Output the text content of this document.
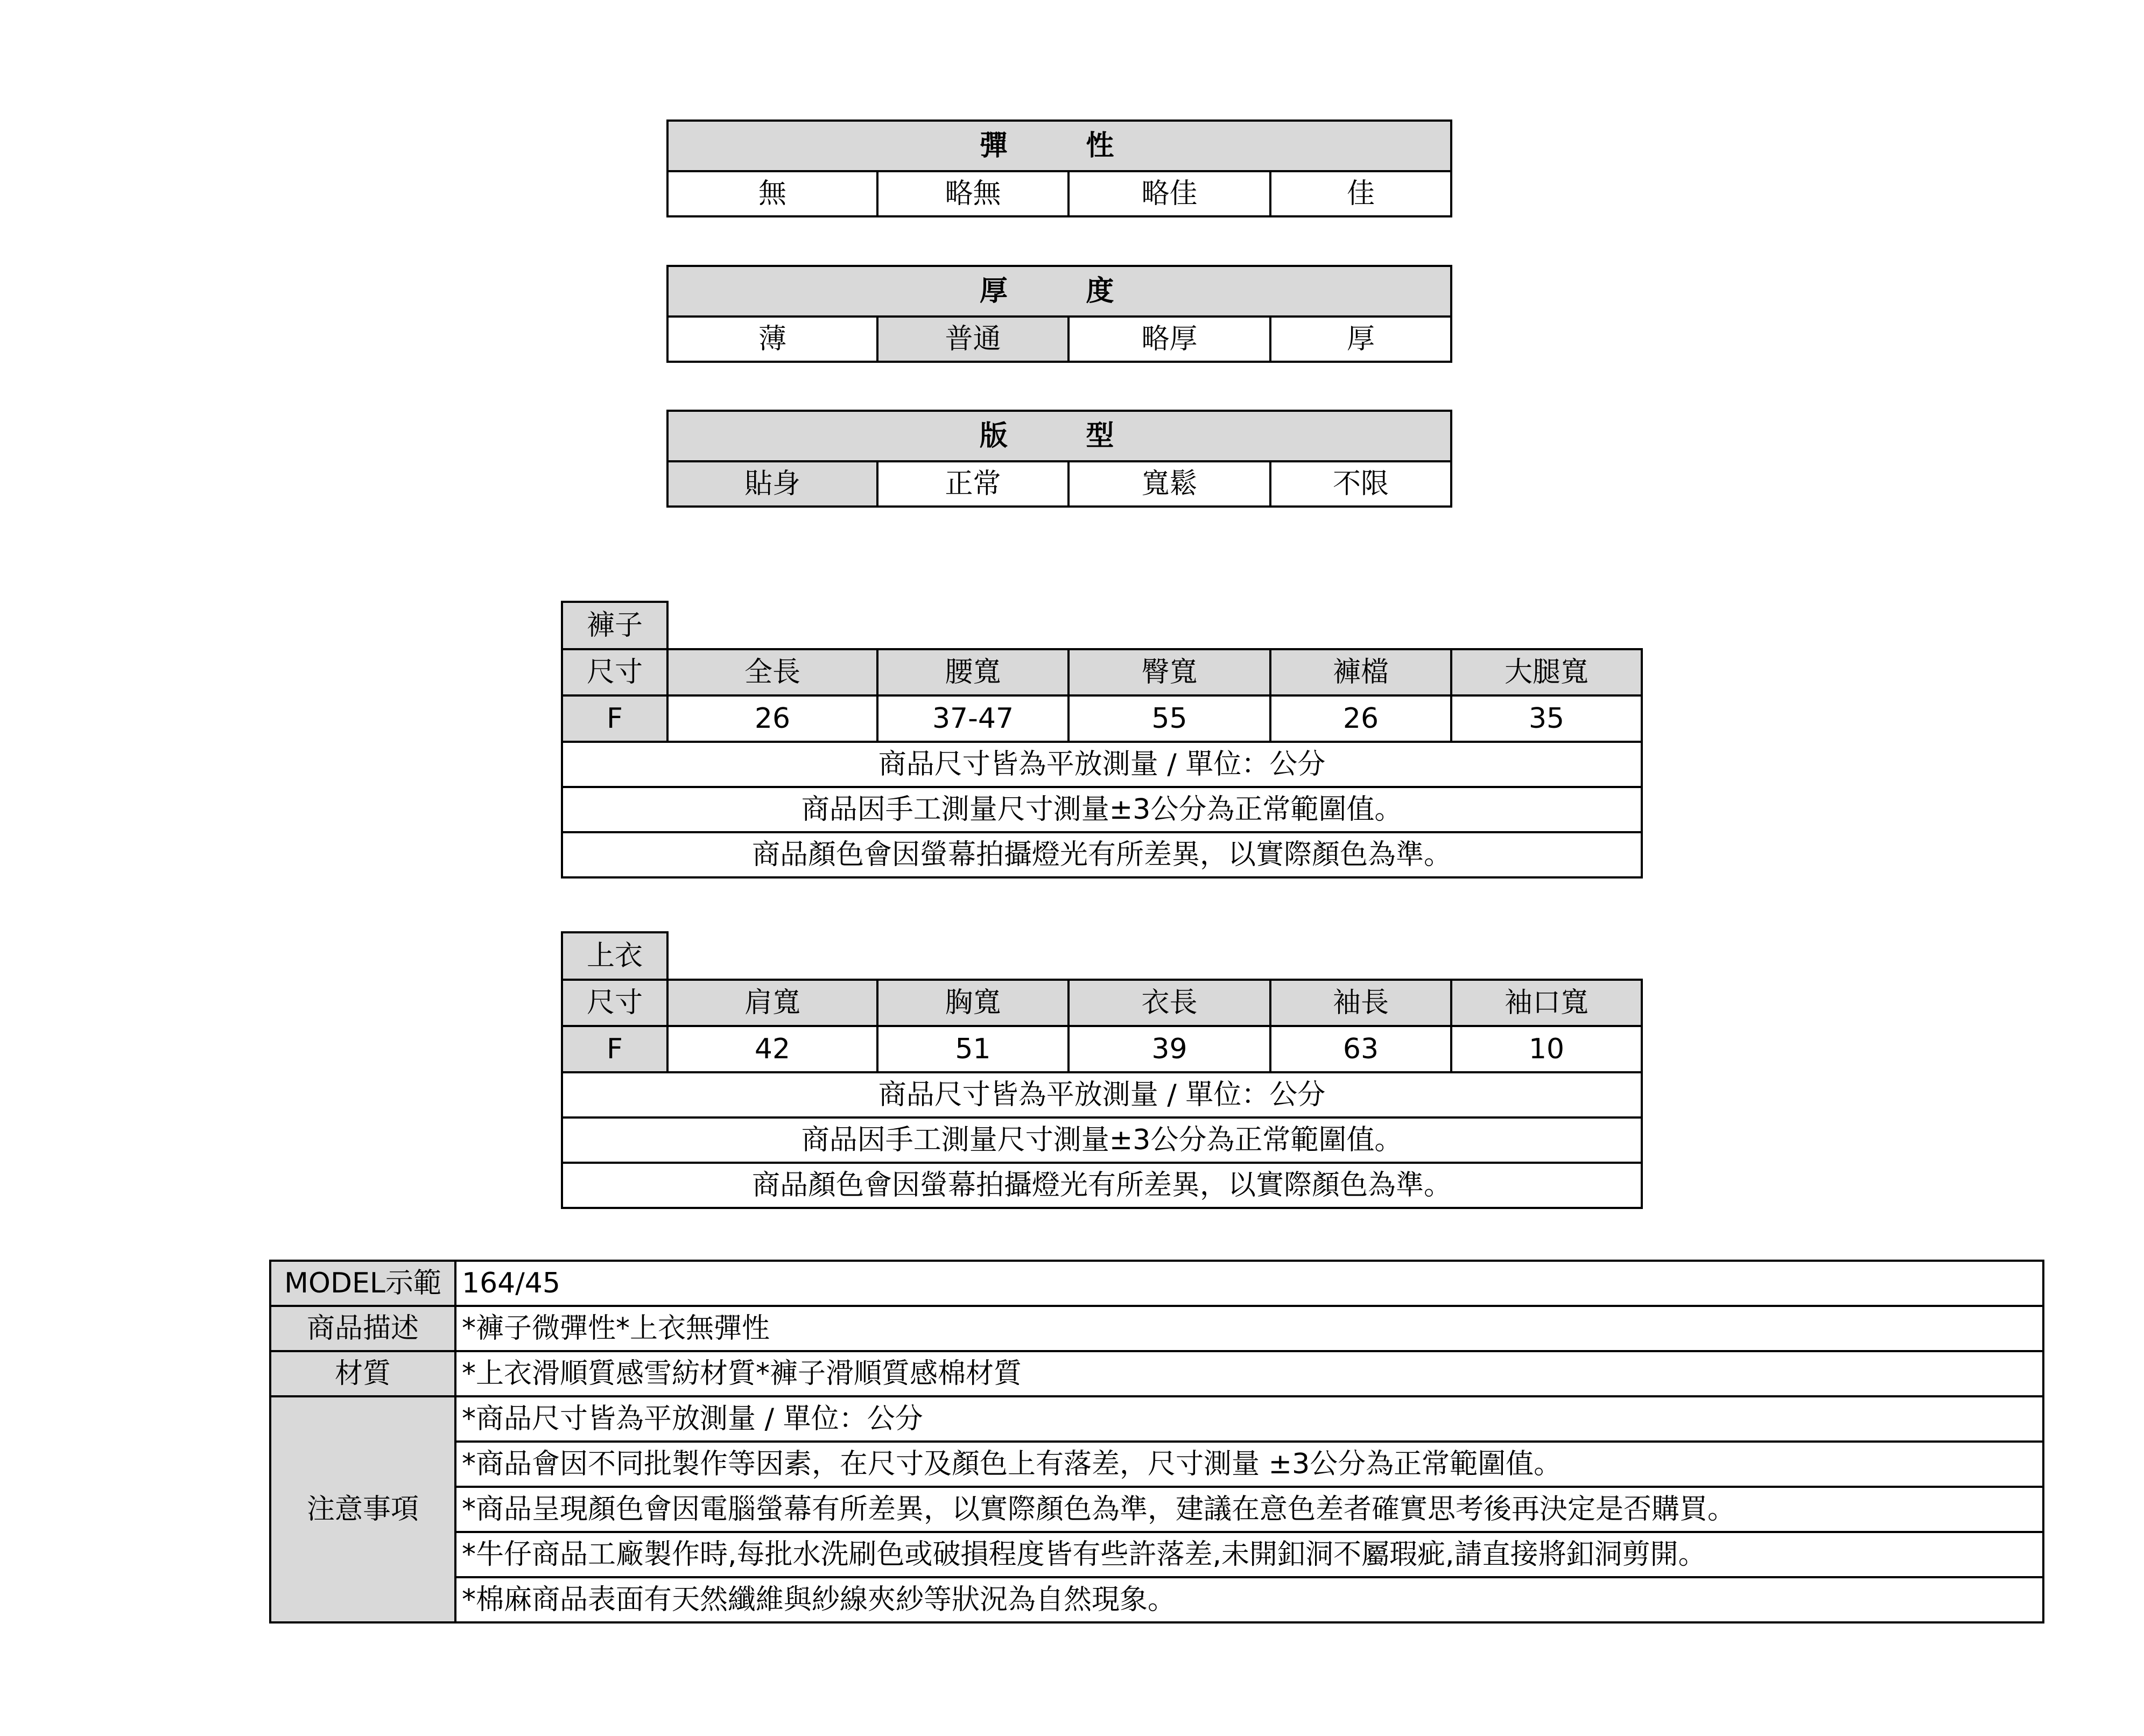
彈　性
無	略無	略佳	佳
厚　度
薄	普通	略厚	厚
版　型
貼身	正常	寬鬆	不限
褲子					
尺寸	全長	腰寬	臀寬	褲檔	大腿寬
F	26	37-47	55	26	35
商品尺寸皆為平放測量 / 單位：公分					
商品因手工測量尺寸測量±3公分為正常範圍值。					
商品顏色會因螢幕拍攝燈光有所差異，以實際顏色為準。					
上衣					
尺寸	肩寬	胸寬	衣長	袖長	袖口寬
F	42	51	39	63	10
商品尺寸皆為平放測量 / 單位：公分					
商品因手工測量尺寸測量±3公分為正常範圍值。					
商品顏色會因螢幕拍攝燈光有所差異，以實際顏色為準。					
MODEL示範	164/45
商品描述	*褲子微彈性*上衣無彈性
材質	*上衣滑順質感雪紡材質*褲子滑順質感棉材質
注意事項	*商品尺寸皆為平放測量 / 單位：公分
	*商品會因不同批製作等因素，在尺寸及顏色上有落差，尺寸測量 ±3公分為正常範圍值。
	*商品呈現顏色會因電腦螢幕有所差異，以實際顏色為準，建議在意色差者確實思考後再決定是否購買。
	*牛仔商品工廠製作時,每批水洗刷色或破損程度皆有些許落差,未開釦洞不屬瑕疵,請直接將釦洞剪開。
	*棉麻商品表面有天然纖維與紗線夾紗等狀況為自然現象。
